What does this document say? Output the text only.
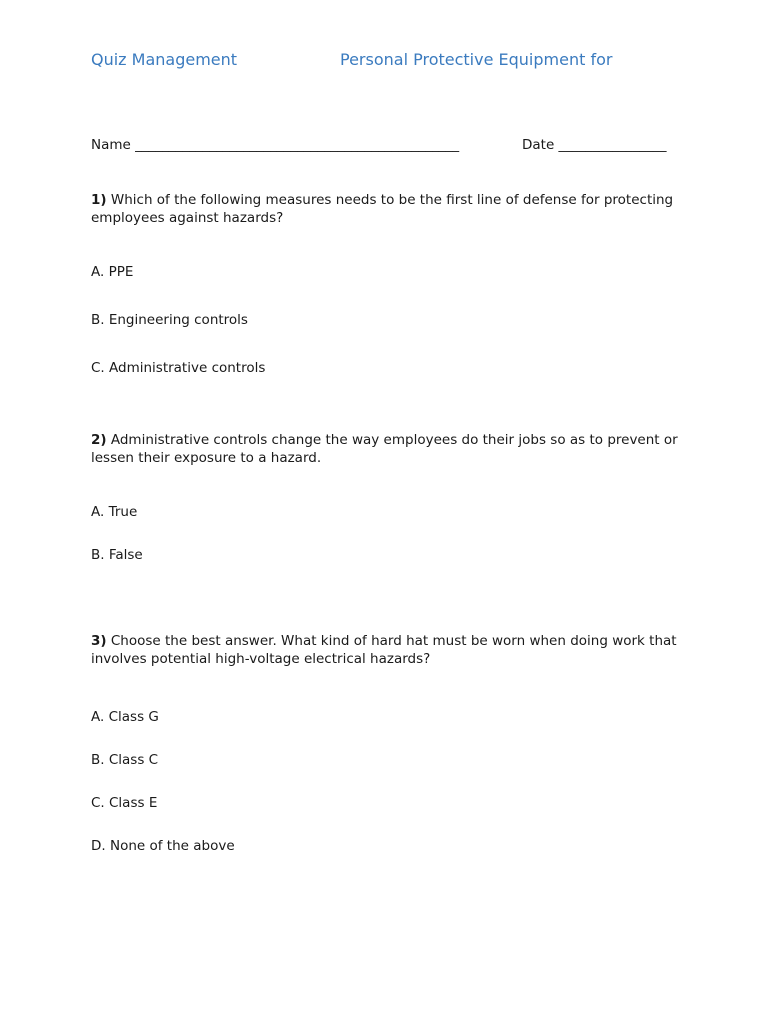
Quiz Management	Personal Protective Equipment for
Name ________________________________________________	Date ________________
1) Which of the following measures needs to be the first line of defense for protecting employees against hazards?
A. PPE
B. Engineering controls
C. Administrative controls
2) Administrative controls change the way employees do their jobs so as to prevent or lessen their exposure to a hazard.
A. True
B. False
3) Choose the best answer. What kind of hard hat must be worn when doing work that involves potential high-voltage electrical hazards?
A. Class G
B. Class C
C. Class E
D. None of the above
